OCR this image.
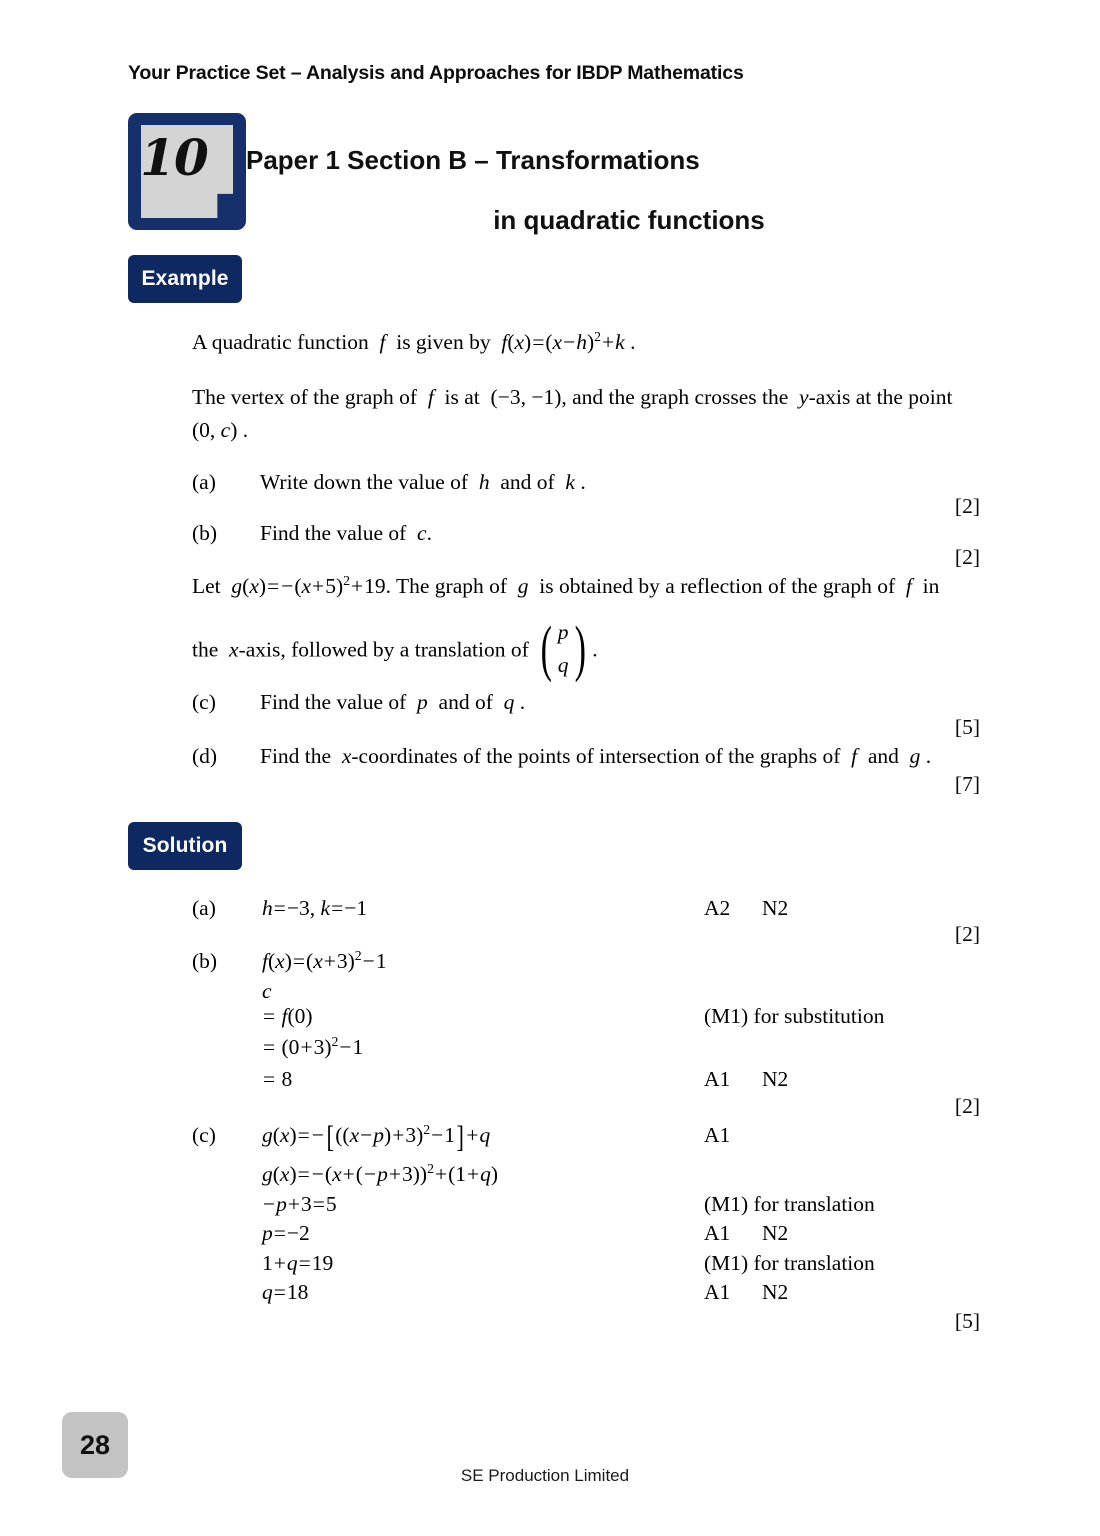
Your Practice Set – Analysis and Approaches for IBDP Mathematics
10	Paper 1 Section B – Transformations
in quadratic functions
Example
A quadratic function  f  is given by  $f(x)=(x-h)^2+k$ .
The vertex of the graph of  f  is at  (−3, −1), and the graph crosses the  y-axis at the point
(0, c) .
(a)	Write down the value of  h  and of  k .
[2]
(b)	Find the value of  c.
[2]
Let  $g(x)=-(x+5)^2+19$. The graph of  g  is obtained by a reflection of the graph of  f  in
the  x-axis, followed by a translation of ( p
q ) .
(c)	Find the value of  p  and of  q .
[5]
(d)	Find the  x-coordinates of the points of intersection of the graphs of  f  and  g .
[7]
Solution
(a) h=−3, k=−1	A2 N2
[2]
(b) $f(x)=(x+3)^2-1$
c
= f(0)	(M1) for substitution
= $(0+3)^2-1$
= 8	A1 N2
[2]
(c) $g(x)=-[((x-p)+3)^2-1] +q$	A1
$g(x)=-(x+(-p+3))^2+(1+q)$
−p+3=5	(M1) for translation
p=−2	A1 N2
1+q=19	(M1) for translation
q=18	A1 N2
[5]
28
SE Production Limited
